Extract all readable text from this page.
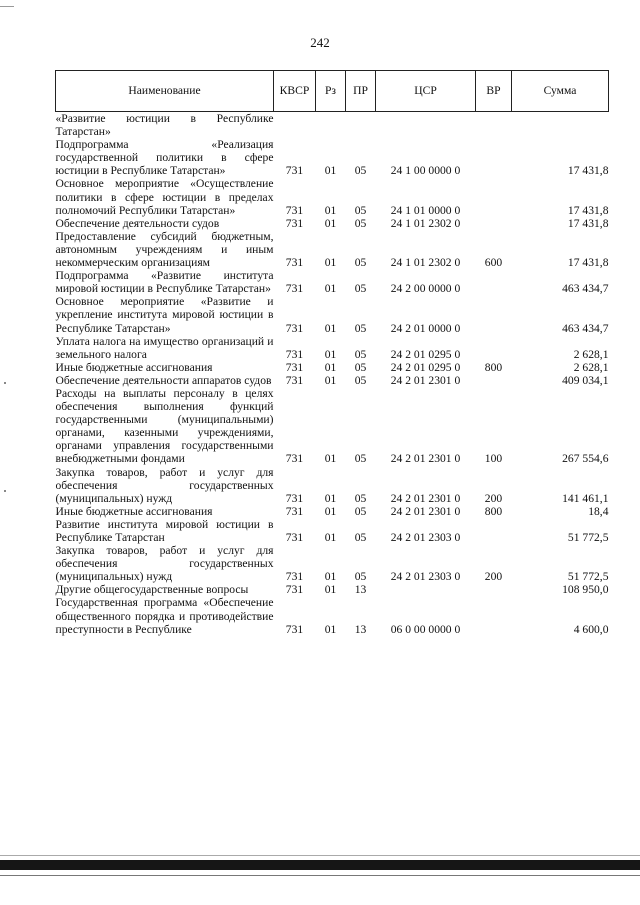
242
Наименование	КВСР	Рз	ПР	ЦСР	ВР	Сумма
«Развитие юстиции в Республике Татарстан»						
Подпрограмма «Реализация государственной политики в сфере юстиции в Республике Татарстан»	731	01	05	24 1 00 0000 0		17 431,8
Основное мероприятие «Осуществление политики в сфере юстиции в пределах полномочий Республики Татарстан»	731	01	05	24 1 01 0000 0		17 431,8
Обеспечение деятельности судов	731	01	05	24 1 01 2302 0		17 431,8
Предоставление субсидий бюджетным, автономным учреждениям и иным некоммерческим организациям	731	01	05	24 1 01 2302 0	600	17 431,8
Подпрограмма «Развитие института мировой юстиции в Республике Татарстан»	731	01	05	24 2 00 0000 0		463 434,7
Основное мероприятие «Развитие и укрепление института мировой юстиции в Республике Татарстан»	731	01	05	24 2 01 0000 0		463 434,7
Уплата налога на имущество организаций и земельного налога	731	01	05	24 2 01 0295 0		2 628,1
Иные бюджетные ассигнования	731	01	05	24 2 01 0295 0	800	2 628,1
Обеспечение деятельности аппаратов судов	731	01	05	24 2 01 2301 0		409 034,1
Расходы на выплаты персоналу в целях обеспечения выполнения функций государственными (муниципальными) органами, казенными учреждениями, органами управления государственными внебюджетными фондами	731	01	05	24 2 01 2301 0	100	267 554,6
Закупка товаров, работ и услуг для обеспечения государственных (муниципальных) нужд	731	01	05	24 2 01 2301 0	200	141 461,1
Иные бюджетные ассигнования	731	01	05	24 2 01 2301 0	800	18,4
Развитие института мировой юстиции в Республике Татарстан	731	01	05	24 2 01 2303 0		51 772,5
Закупка товаров, работ и услуг для обеспечения государственных (муниципальных) нужд	731	01	05	24 2 01 2303 0	200	51 772,5
Другие общегосударственные вопросы	731	01	13			108 950,0
Государственная программа «Обеспечение общественного порядка и противодействие преступности в Республике	731	01	13	06 0 00 0000 0		4 600,0
